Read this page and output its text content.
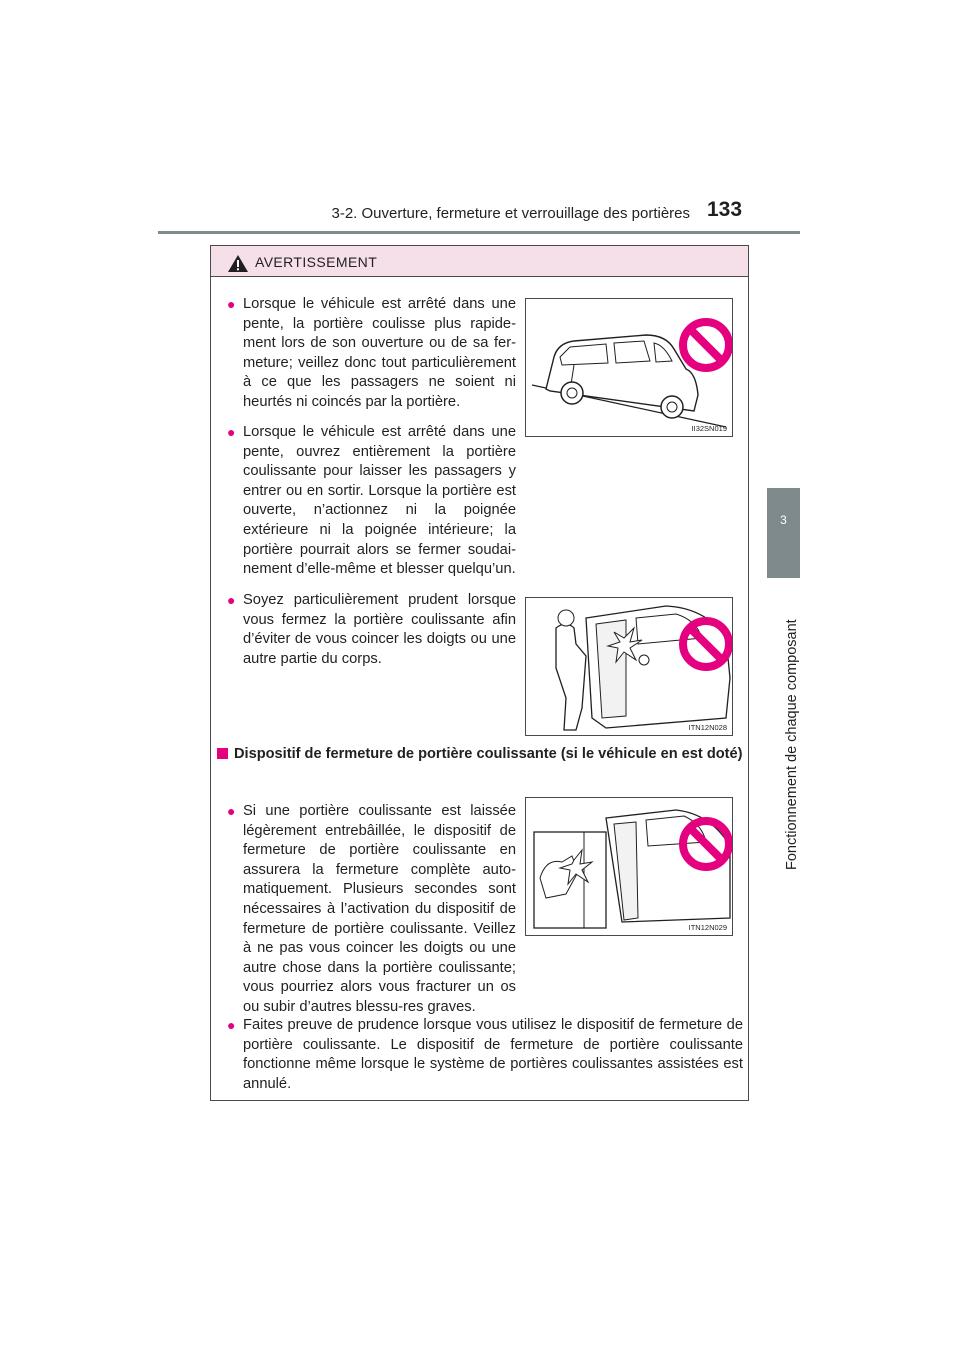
3-2. Ouverture, fermeture et verrouillage des portières 133
3
Fonctionnement de chaque composant
AVERTISSEMENT
● Lorsque le véhicule est arrêté dans une pente, la portière coulisse plus rapide-ment lors de son ouverture ou de sa fer-meture; veillez donc tout particulièrement à ce que les passagers ne soient ni heurtés ni coincés par la portière.
● Lorsque le véhicule est arrêté dans une pente, ouvrez entièrement la portière coulissante pour laisser les passagers y entrer ou en sortir. Lorsque la portière est ouverte, n’actionnez ni la poignée extérieure ni la poignée intérieure; la portière pourrait alors se fermer soudai-nement d’elle-même et blesser quelqu’un.
● Soyez particulièrement prudent lorsque vous fermez la portière coulissante afin d’éviter de vous coincer les doigts ou une autre partie du corps.
II32SN019
ITN12N028
Dispositif de fermeture de portière coulissante (si le véhicule en est doté)
● Si une portière coulissante est laissée légèrement entrebâillée, le dispositif de fermeture de portière coulissante en assurera la fermeture complète auto-matiquement. Plusieurs secondes sont nécessaires à l’activation du dispositif de fermeture de portière coulissante. Veillez à ne pas vous coincer les doigts ou une autre chose dans la portière coulissante; vous pourriez alors vous fracturer un os ou subir d’autres blessu-res graves.
ITN12N029
● Faites preuve de prudence lorsque vous utilisez le dispositif de fermeture de portière coulissante. Le dispositif de fermeture de portière coulissante fonctionne même lorsque le système de portières coulissantes assistées est annulé.
